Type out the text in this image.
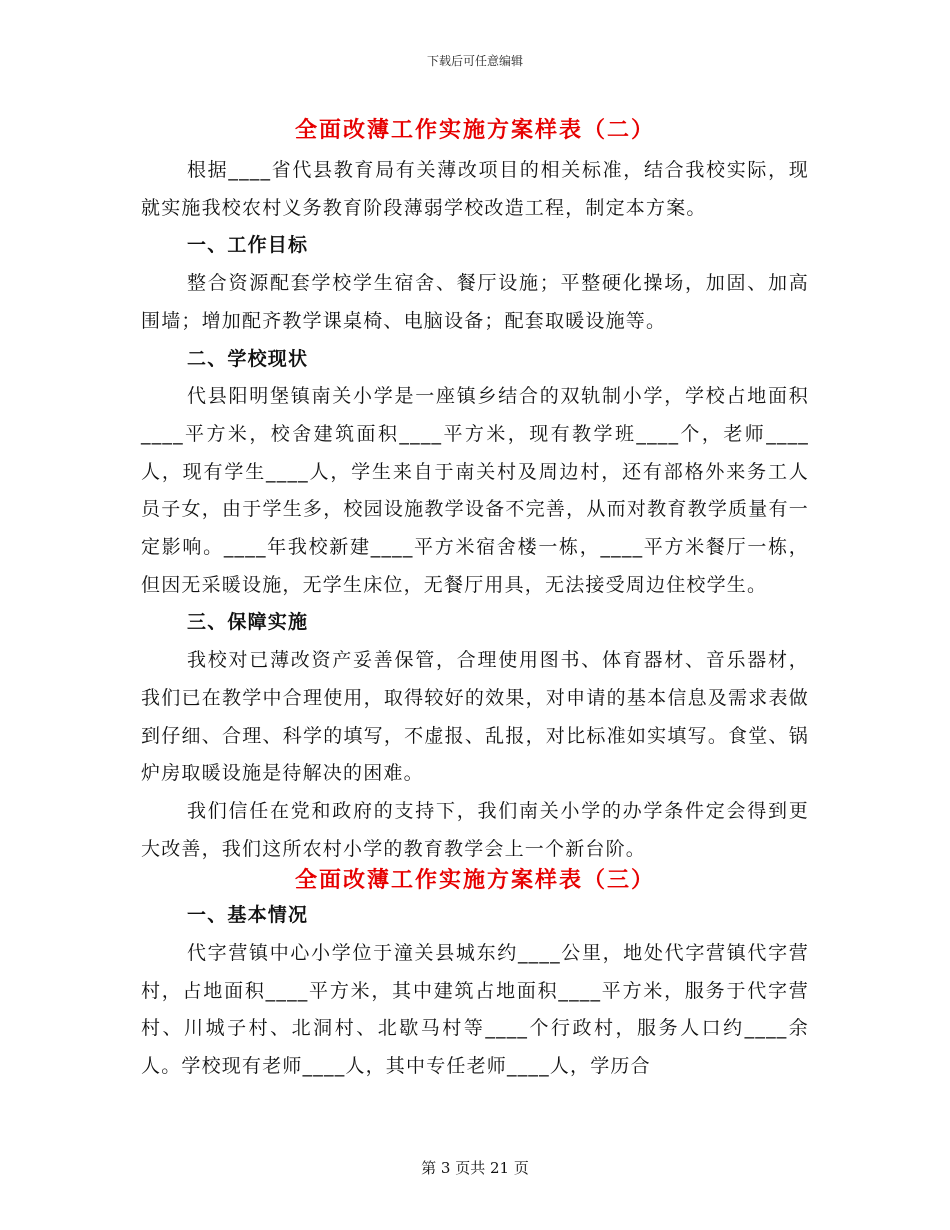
下载后可任意编辑
全面改薄工作实施方案样表（二）

根据____省代县教育局有关薄改项目的相关标准，结合我校实际，现就实施我校农村义务教育阶段薄弱学校改造工程，制定本方案。

一、工作目标

整合资源配套学校学生宿舍、餐厅设施；平整硬化操场，加固、加高围墙；增加配齐教学课桌椅、电脑设备；配套取暖设施等。

二、学校现状

代县阳明堡镇南关小学是一座镇乡结合的双轨制小学，学校占地面积____平方米，校舍建筑面积____平方米，现有教学班____个，老师____人，现有学生____人，学生来自于南关村及周边村，还有部格外来务工人员子女，由于学生多，校园设施教学设备不完善，从而对教育教学质量有一定影响。____年我校新建____平方米宿舍楼一栋，____平方米餐厅一栋，但因无采暖设施，无学生床位，无餐厅用具，无法接受周边住校学生。

三、保障实施

我校对已薄改资产妥善保管，合理使用图书、体育器材、音乐器材，我们已在教学中合理使用，取得较好的效果，对申请的基本信息及需求表做到仔细、合理、科学的填写，不虚报、乱报，对比标准如实填写。食堂、锅炉房取暖设施是待解决的困难。

我们信任在党和政府的支持下，我们南关小学的办学条件定会得到更大改善，我们这所农村小学的教育教学会上一个新台阶。

全面改薄工作实施方案样表（三）
一、基本情况

代字营镇中心小学位于潼关县城东约____公里，地处代字营镇代字营村，占地面积____平方米，其中建筑占地面积____平方米，服务于代字营村、川城子村、北洞村、北歇马村等____个行政村，服务人口约____余人。学校现有老师____人，其中专任老师____人，学历合

第 3 页共 21 页
